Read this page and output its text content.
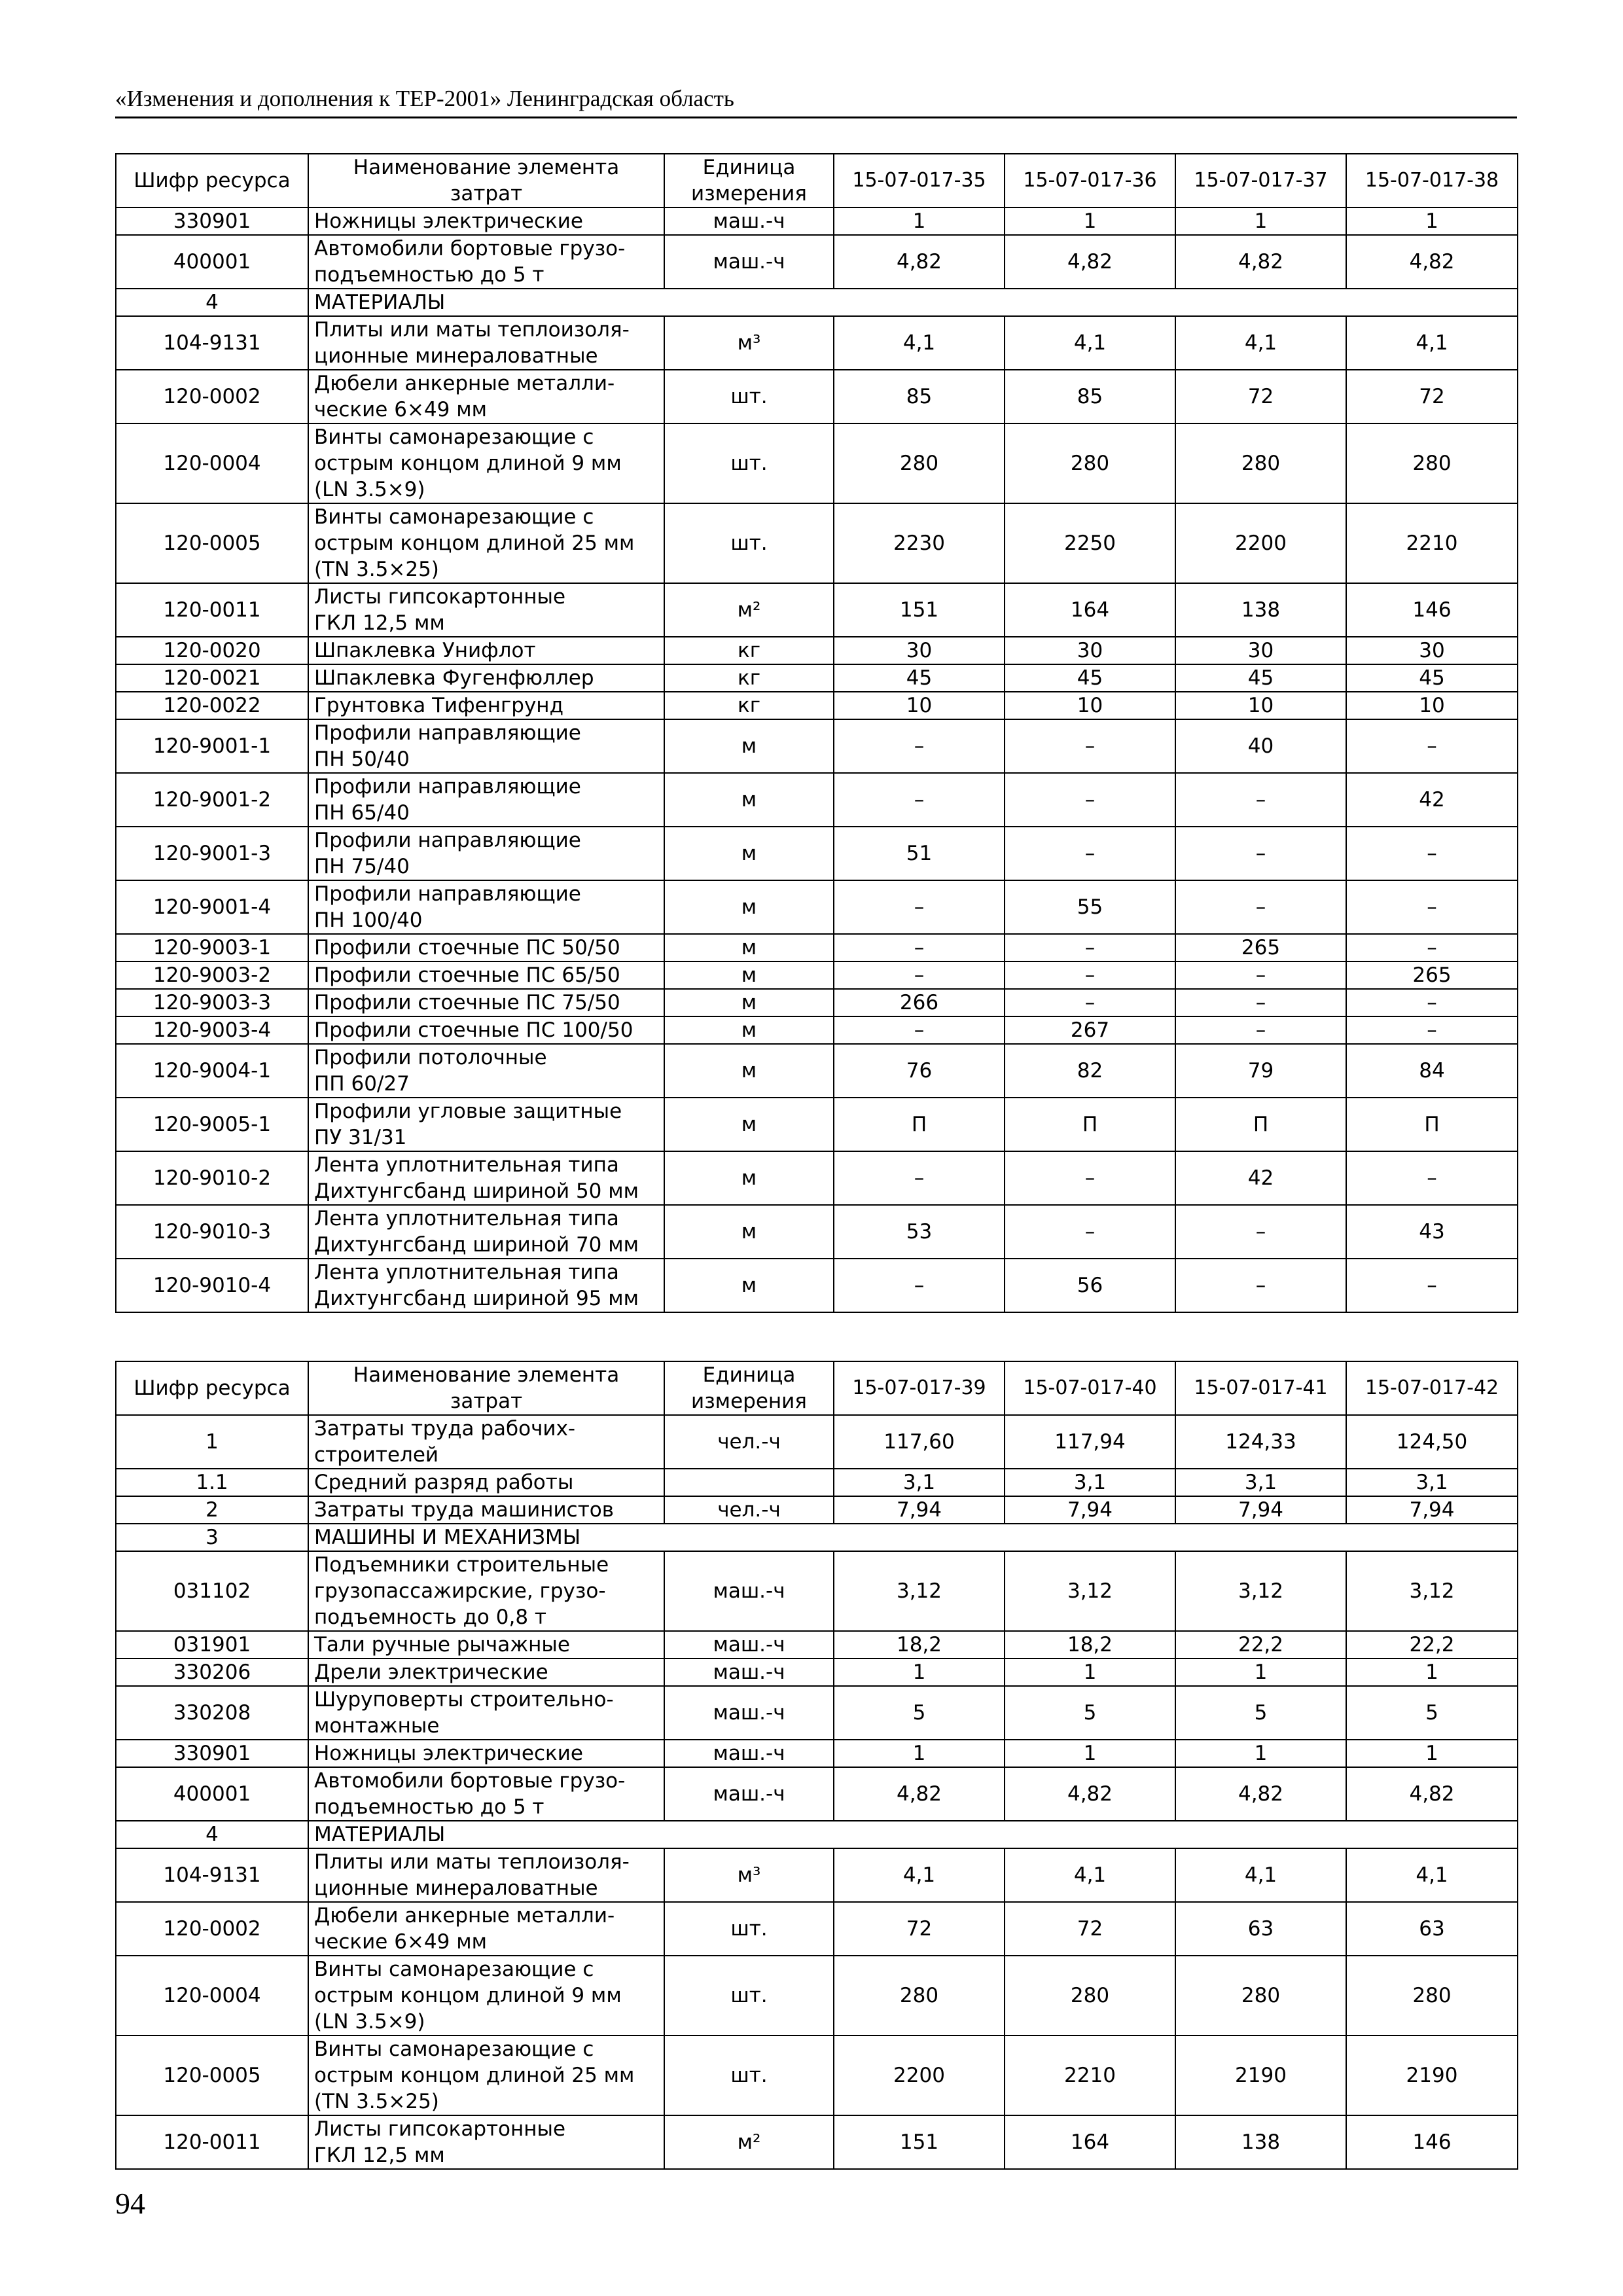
«Изменения и дополнения к ТЕР-2001» Ленинградская область
Шифр ресурса	Наименование элемента затрат	Единица измерения	15-07-017-35	15-07-017-36	15-07-017-37	15-07-017-38
330901	Ножницы электрические	маш.-ч	1	1	1	1
400001	Автомобили бортовые грузо-
подъемностью до 5 т	маш.-ч	4,82	4,82	4,82	4,82
4	МАТЕРИАЛЫ					
104-9131	Плиты или маты теплоизоля-
ционные минераловатные	м³	4,1	4,1	4,1	4,1
120-0002	Дюбели анкерные металли-
ческие 6×49 мм	шт.	85	85	72	72
120-0004	Винты самонарезающие с
острым концом длиной 9 мм
(LN 3.5×9)	шт.	280	280	280	280
120-0005	Винты самонарезающие с
острым концом длиной 25 мм
(TN 3.5×25)	шт.	2230	2250	2200	2210
120-0011	Листы гипсокартонные
ГКЛ 12,5 мм	м²	151	164	138	146
120-0020	Шпаклевка Унифлот	кг	30	30	30	30
120-0021	Шпаклевка Фугенфюллер	кг	45	45	45	45
120-0022	Грунтовка Тифенгрунд	кг	10	10	10	10
120-9001-1	Профили направляющие
ПН 50/40	м	–	–	40	–
120-9001-2	Профили направляющие
ПН 65/40	м	–	–	–	42
120-9001-3	Профили направляющие
ПН 75/40	м	51	–	–	–
120-9001-4	Профили направляющие
ПН 100/40	м	–	55	–	–
120-9003-1	Профили стоечные ПС 50/50	м	–	–	265	–
120-9003-2	Профили стоечные ПС 65/50	м	–	–	–	265
120-9003-3	Профили стоечные ПС 75/50	м	266	–	–	–
120-9003-4	Профили стоечные ПС 100/50	м	–	267	–	–
120-9004-1	Профили потолочные
ПП 60/27	м	76	82	79	84
120-9005-1	Профили угловые защитные
ПУ 31/31	м	П	П	П	П
120-9010-2	Лента уплотнительная типа
Дихтунгсбанд шириной 50 мм	м	–	–	42	–
120-9010-3	Лента уплотнительная типа
Дихтунгсбанд шириной 70 мм	м	53	–	–	43
120-9010-4	Лента уплотнительная типа
Дихтунгсбанд шириной 95 мм	м	–	56	–	–
Шифр ресурса	Наименование элемента затрат	Единица измерения	15-07-017-39	15-07-017-40	15-07-017-41	15-07-017-42
1	Затраты труда рабочих-
строителей	чел.-ч	117,60	117,94	124,33	124,50
1.1	Средний разряд работы		3,1	3,1	3,1	3,1
2	Затраты труда машинистов	чел.-ч	7,94	7,94	7,94	7,94
3	МАШИНЫ И МЕХАНИЗМЫ					
031102	Подъемники строительные
грузопассажирские, грузо-
подъемность до 0,8 т	маш.-ч	3,12	3,12	3,12	3,12
031901	Тали ручные рычажные	маш.-ч	18,2	18,2	22,2	22,2
330206	Дрели электрические	маш.-ч	1	1	1	1
330208	Шуруповерты строительно-
монтажные	маш.-ч	5	5	5	5
330901	Ножницы электрические	маш.-ч	1	1	1	1
400001	Автомобили бортовые грузо-
подъемностью до 5 т	маш.-ч	4,82	4,82	4,82	4,82
4	МАТЕРИАЛЫ					
104-9131	Плиты или маты теплоизоля-
ционные минераловатные	м³	4,1	4,1	4,1	4,1
120-0002	Дюбели анкерные металли-
ческие 6×49 мм	шт.	72	72	63	63
120-0004	Винты самонарезающие с
острым концом длиной 9 мм
(LN 3.5×9)	шт.	280	280	280	280
120-0005	Винты самонарезающие с
острым концом длиной 25 мм
(TN 3.5×25)	шт.	2200	2210	2190	2190
120-0011	Листы гипсокартонные
ГКЛ 12,5 мм	м²	151	164	138	146
94
